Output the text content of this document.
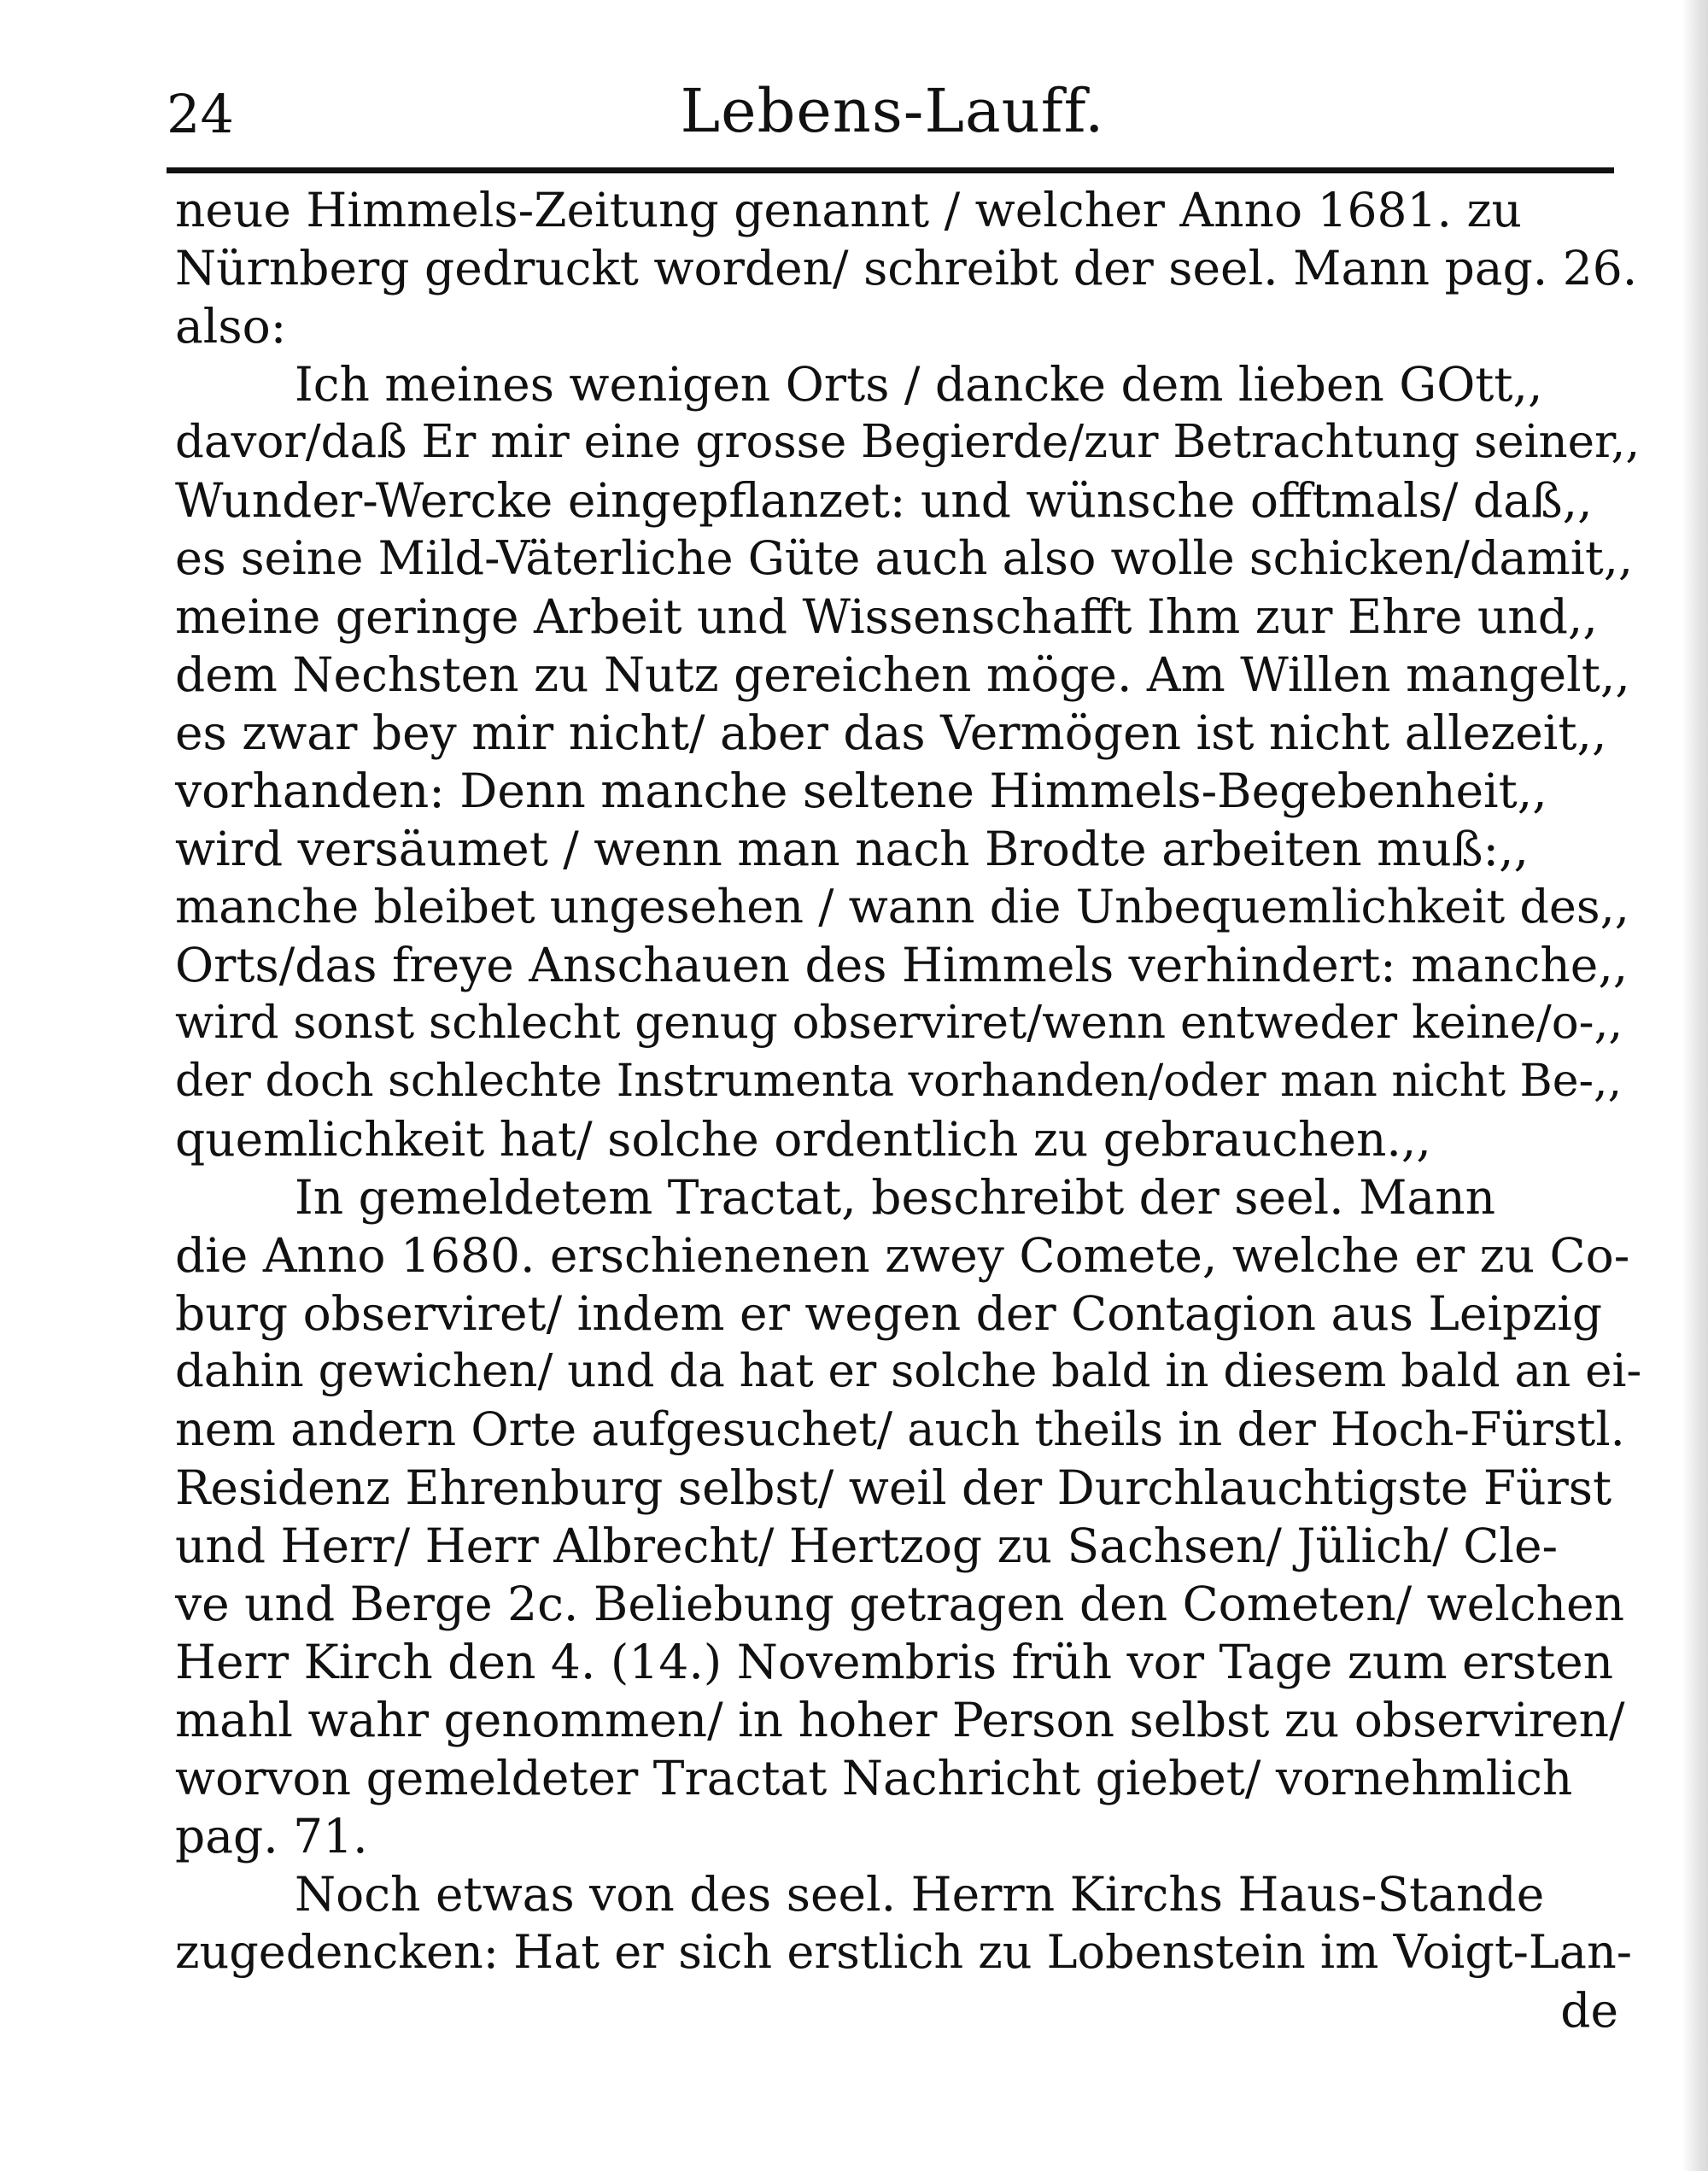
24	Lebens-Lauff.
neue Himmels-Zeitung genannt / welcher Anno 1681. zu
Nürnberg gedruckt worden/ schreibt der seel. Mann pag. 26.
also:
Ich meines wenigen Orts / dancke dem lieben GOtt,,
davor/daß Er mir eine grosse Begierde/zur Betrachtung seiner,,
Wunder-Wercke eingepflanzet: und wünsche offtmals/ daß,,
es seine Mild-Väterliche Güte auch also wolle schicken/damit,,
meine geringe Arbeit und Wissenschafft Ihm zur Ehre und,,
dem Nechsten zu Nutz gereichen möge. Am Willen mangelt,,
es zwar bey mir nicht/ aber das Vermögen ist nicht allezeit,,
vorhanden: Denn manche seltene Himmels-Begebenheit,,
wird versäumet / wenn man nach Brodte arbeiten muß:,,
manche bleibet ungesehen / wann die Unbequemlichkeit des,,
Orts/das freye Anschauen des Himmels verhindert: manche,,
wird sonst schlecht genug observiret/wenn entweder keine/o-,,
der doch schlechte Instrumenta vorhanden/oder man nicht Be-,,
quemlichkeit hat/ solche ordentlich zu gebrauchen.,,
In gemeldetem Tractat, beschreibt der seel. Mann
die Anno 1680. erschienenen zwey Comete, welche er zu Co-
burg observiret/ indem er wegen der Contagion aus Leipzig
dahin gewichen/ und da hat er solche bald in diesem bald an ei-
nem andern Orte aufgesuchet/ auch theils in der Hoch-Fürstl.
Residenz Ehrenburg selbst/ weil der Durchlauchtigste Fürst
und Herr/ Herr Albrecht/ Hertzog zu Sachsen/ Jülich/ Cle-
ve und Berge 2c. Beliebung getragen den Cometen/ welchen
Herr Kirch den 4. (14.) Novembris früh vor Tage zum ersten
mahl wahr genommen/ in hoher Person selbst zu observiren/
worvon gemeldeter Tractat Nachricht giebet/ vornehmlich
pag. 71.
Noch etwas von des seel. Herrn Kirchs Haus-Stande
zugedencken: Hat er sich erstlich zu Lobenstein im Voigt-Lan-
de
